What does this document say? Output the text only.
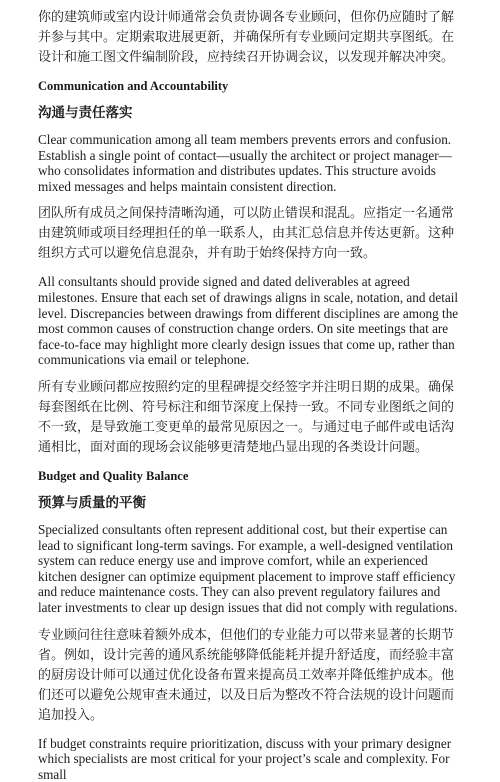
你的建筑师或室内设计师通常会负责协调各专业顾问，但你仍应随时了解并参与其中。定期索取进展更新，并确保所有专业顾问定期共享图纸。在设计和施工图文件编制阶段，应持续召开协调会议，以发现并解决冲突。

Communication and Accountability
沟通与责任落实

Clear communication among all team members prevents errors and confusion. Establish a single point of contact—usually the architect or project manager—who consolidates information and distributes updates. This structure avoids mixed messages and helps maintain consistent direction.

团队所有成员之间保持清晰沟通，可以防止错误和混乱。应指定一名通常由建筑师或项目经理担任的单一联系人，由其汇总信息并传达更新。这种组织方式可以避免信息混杂，并有助于始终保持方向一致。

All consultants should provide signed and dated deliverables at agreed milestones. Ensure that each set of drawings aligns in scale, notation, and detail level. Discrepancies between drawings from different disciplines are among the most common causes of construction change orders. On site meetings that are face-to-face may highlight more clearly design issues that come up, rather than communications via email or telephone.

所有专业顾问都应按照约定的里程碑提交经签字并注明日期的成果。确保每套图纸在比例、符号标注和细节深度上保持一致。不同专业图纸之间的不一致，是导致施工变更单的最常见原因之一。与通过电子邮件或电话沟通相比，面对面的现场会议能够更清楚地凸显出现的各类设计问题。

Budget and Quality Balance
预算与质量的平衡

Specialized consultants often represent additional cost, but their expertise can lead to significant long-term savings. For example, a well-designed ventilation system can reduce energy use and improve comfort, while an experienced kitchen designer can optimize equipment placement to improve staff efficiency and reduce maintenance costs. They can also prevent regulatory failures and later investments to clear up design issues that did not comply with regulations.

专业顾问往往意味着额外成本，但他们的专业能力可以带来显著的长期节省。例如，设计完善的通风系统能够降低能耗并提升舒适度，而经验丰富的厨房设计师可以通过优化设备布置来提高员工效率并降低维护成本。他们还可以避免公规审查未通过，以及日后为整改不符合法规的设计问题而追加投入。

If budget constraints require prioritization, discuss with your primary designer which specialists are most critical for your project’s scale and complexity. For small
